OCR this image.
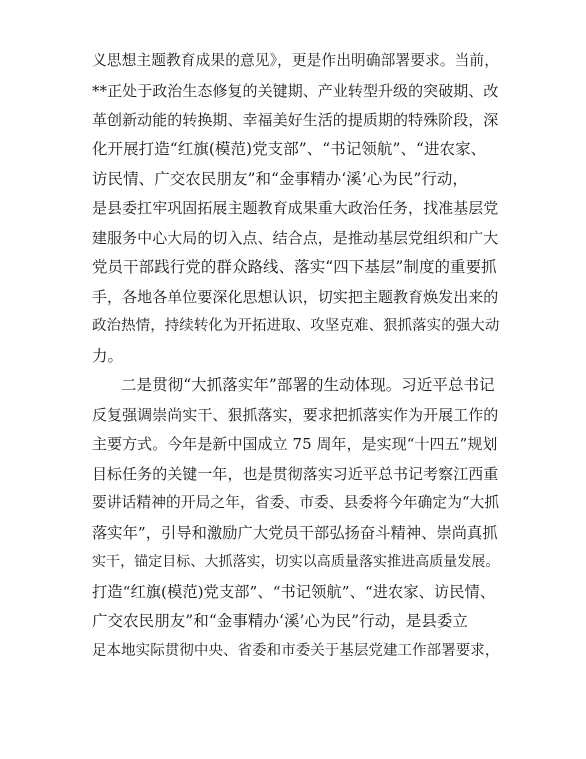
义思想主题教育成果的意见》，更是作出明确部署要求。当前，
**正处于政治生态修复的关键期、产业转型升级的突破期、改
革创新动能的转换期、幸福美好生活的提质期的特殊阶段，深
化开展打造“红旗(模范)党支部”、“书记领航”、“进农家、
访民情、广交农民朋友”和“金事精办‘溪’心为民”行动，
是县委扛牢巩固拓展主题教育成果重大政治任务，找准基层党
建服务中心大局的切入点、结合点，是推动基层党组织和广大
党员干部践行党的群众路线、落实“四下基层”制度的重要抓
手，各地各单位要深化思想认识，切实把主题教育焕发出来的
政治热情，持续转化为开拓进取、攻坚克难、狠抓落实的强大动
力。
二是贯彻“大抓落实年”部署的生动体现。习近平总书记
反复强调崇尚实干、狠抓落实，要求把抓落实作为开展工作的
主要方式。今年是新中国成立 75 周年，是实现“十四五”规划
目标任务的关键一年，也是贯彻落实习近平总书记考察江西重
要讲话精神的开局之年，省委、市委、县委将今年确定为“大抓
落实年”，引导和激励广大党员干部弘扬奋斗精神、崇尚真抓
实干，锚定目标、大抓落实，切实以高质量落实推进高质量发展。
打造“红旗(模范)党支部”、“书记领航”、“进农家、访民情、
广交农民朋友”和“金事精办‘溪’心为民”行动，是县委立
足本地实际贯彻中央、省委和市委关于基层党建工作部署要求，
